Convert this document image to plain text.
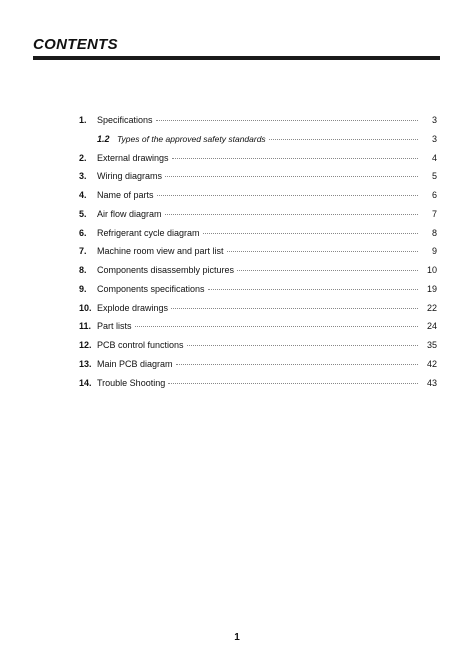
CONTENTS
1.	Specifications	3
1.2 Types of the approved safety standards	3
2.	External drawings	4
3.	Wiring diagrams	5
4.	Name of parts	6
5.	Air flow diagram	7
6.	Refrigerant cycle diagram	8
7.	Machine room view and part list	9
8.	Components disassembly pictures	10
9.	Components specifications	19
10. Explode drawings	22
11. Part lists	24
12. PCB control functions	35
13. Main PCB diagram	42
14. Trouble Shooting	43
1
